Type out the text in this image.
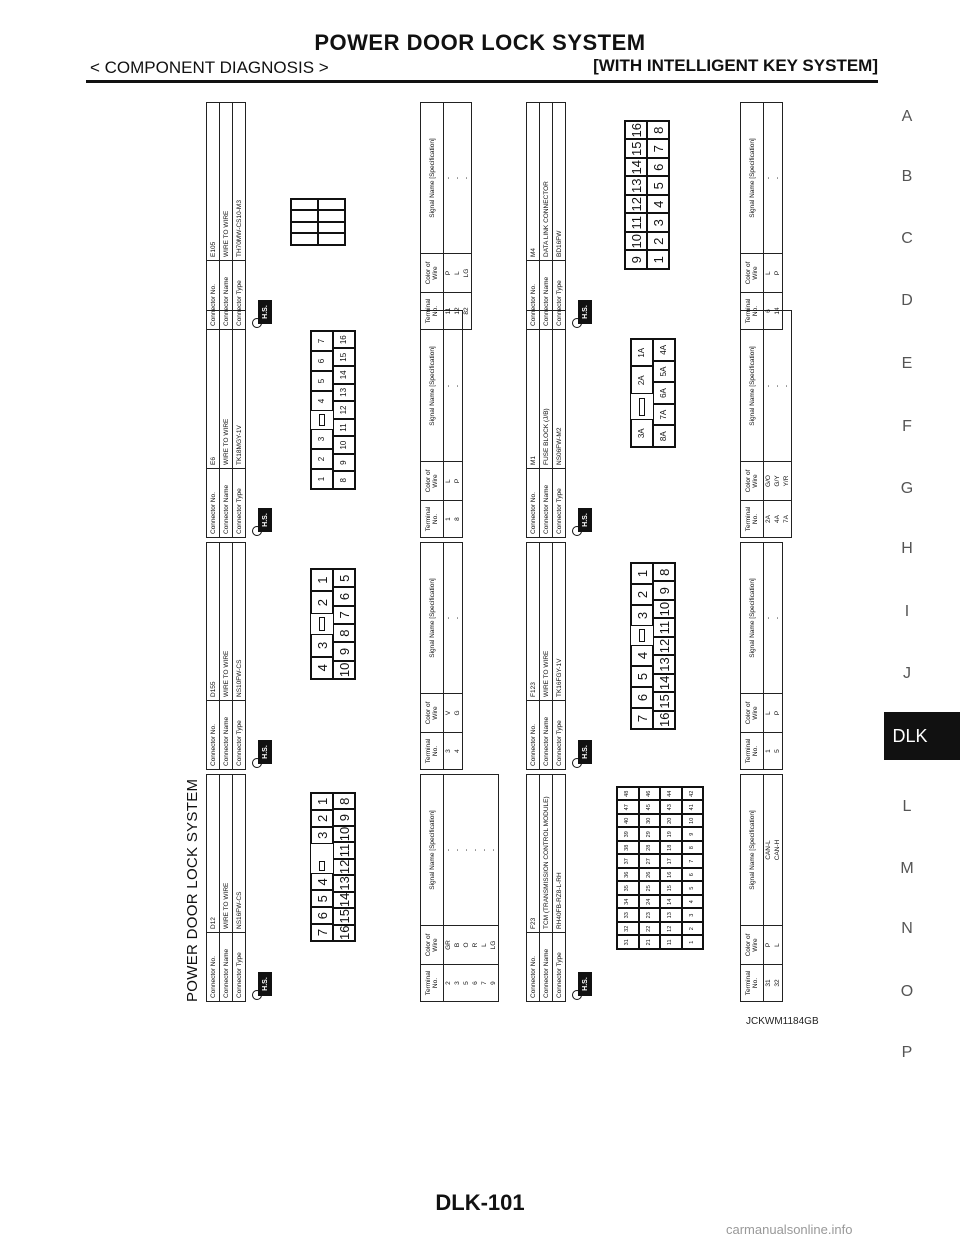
POWER DOOR LOCK SYSTEM
< COMPONENT DIAGNOSIS >	[WITH INTELLIGENT KEY SYSTEM]
A
B
C
D
E
F
G
H
I
J
L
M
N
O
P
DLK
POWER DOOR LOCK SYSTEM Connector No.	D12
Connector Name	WIRE TO WIRE
Connector Type	NS16FW-CS
H.S.
7
6
5
4
3
2
1
16
15
14
13
12
11
10
9
8
Terminal No.	Color of Wire	Signal Name [Specification]
2	GR	-
3	B	-
5	O	-
6	R	-
7	L	-
9	LG	-
Connector No.	D155
Connector Name	WIRE TO WIRE
Connector Type	NS10FW-CS
H.S.
4
3
2
1
10
9
8
7
6
5
Terminal No.	Color of Wire	Signal Name [Specification]
3	V	-
4	G	-
Connector No.	E6
Connector Name	WIRE TO WIRE
Connector Type	TK18MGY-1V
H.S.
1
2
3
4
5
6
7
8
9
10
11
12
13
14
15
16
Terminal No.	Color of Wire	Signal Name [Specification]
1	L	-
8	P	-
Connector No.	E105
Connector Name	WIRE TO WIRE
Connector Type	TH70MW-CS10-M3
H.S.	Terminal No.	Color of Wire	Signal Name [Specification]
11	P	-
12	L	-
82	LG	-
Connector No.	F23
Connector Name	TCM (TRANSMISSION CONTROL MODULE)
Connector Type	RH40FB-RZ8-L-RH
H.S.
31
32
33
34
35
36
37
38
39
40
47
48
21
22
23
24
25
26
27
28
29
30
45
46
11
12
13
14
15
16
17
18
19
20
43
44
1
2
3
4
5
6
7
8
9
10
41
42
Terminal No.	Color of Wire	Signal Name [Specification]
31	P	CAN-L
32	L	CAN-H
Connector No.	F123
Connector Name	WIRE TO WIRE
Connector Type	TK16FGY-1V
H.S.
7
6
5
4
3
2
1
16
15
14
13
12
11
10
9
8
Terminal No.	Color of Wire	Signal Name [Specification]
1	L	-
5	P	-
Connector No.	M1
Connector Name	FUSE BLOCK (J/B)
Connector Type	NS06FW-M2
H.S.
3A
2A
1A
8A
7A
6A
5A
4A
Terminal No.	Color of Wire	Signal Name [Specification]
2A	G/O	-
4A	G/Y	-
7A	Y/R	-
Connector No.	M4
Connector Name	DATA LINK CONNECTOR
Connector Type	BD16FW
H.S.
9
10
11
12
13
14
15
16
1
2
3
4
5
6
7
8
Terminal No.	Color of Wire	Signal Name [Specification]
6	L	-
14	P	-
JCKWM1184GB
DLK-101
carmanualsonline.info
